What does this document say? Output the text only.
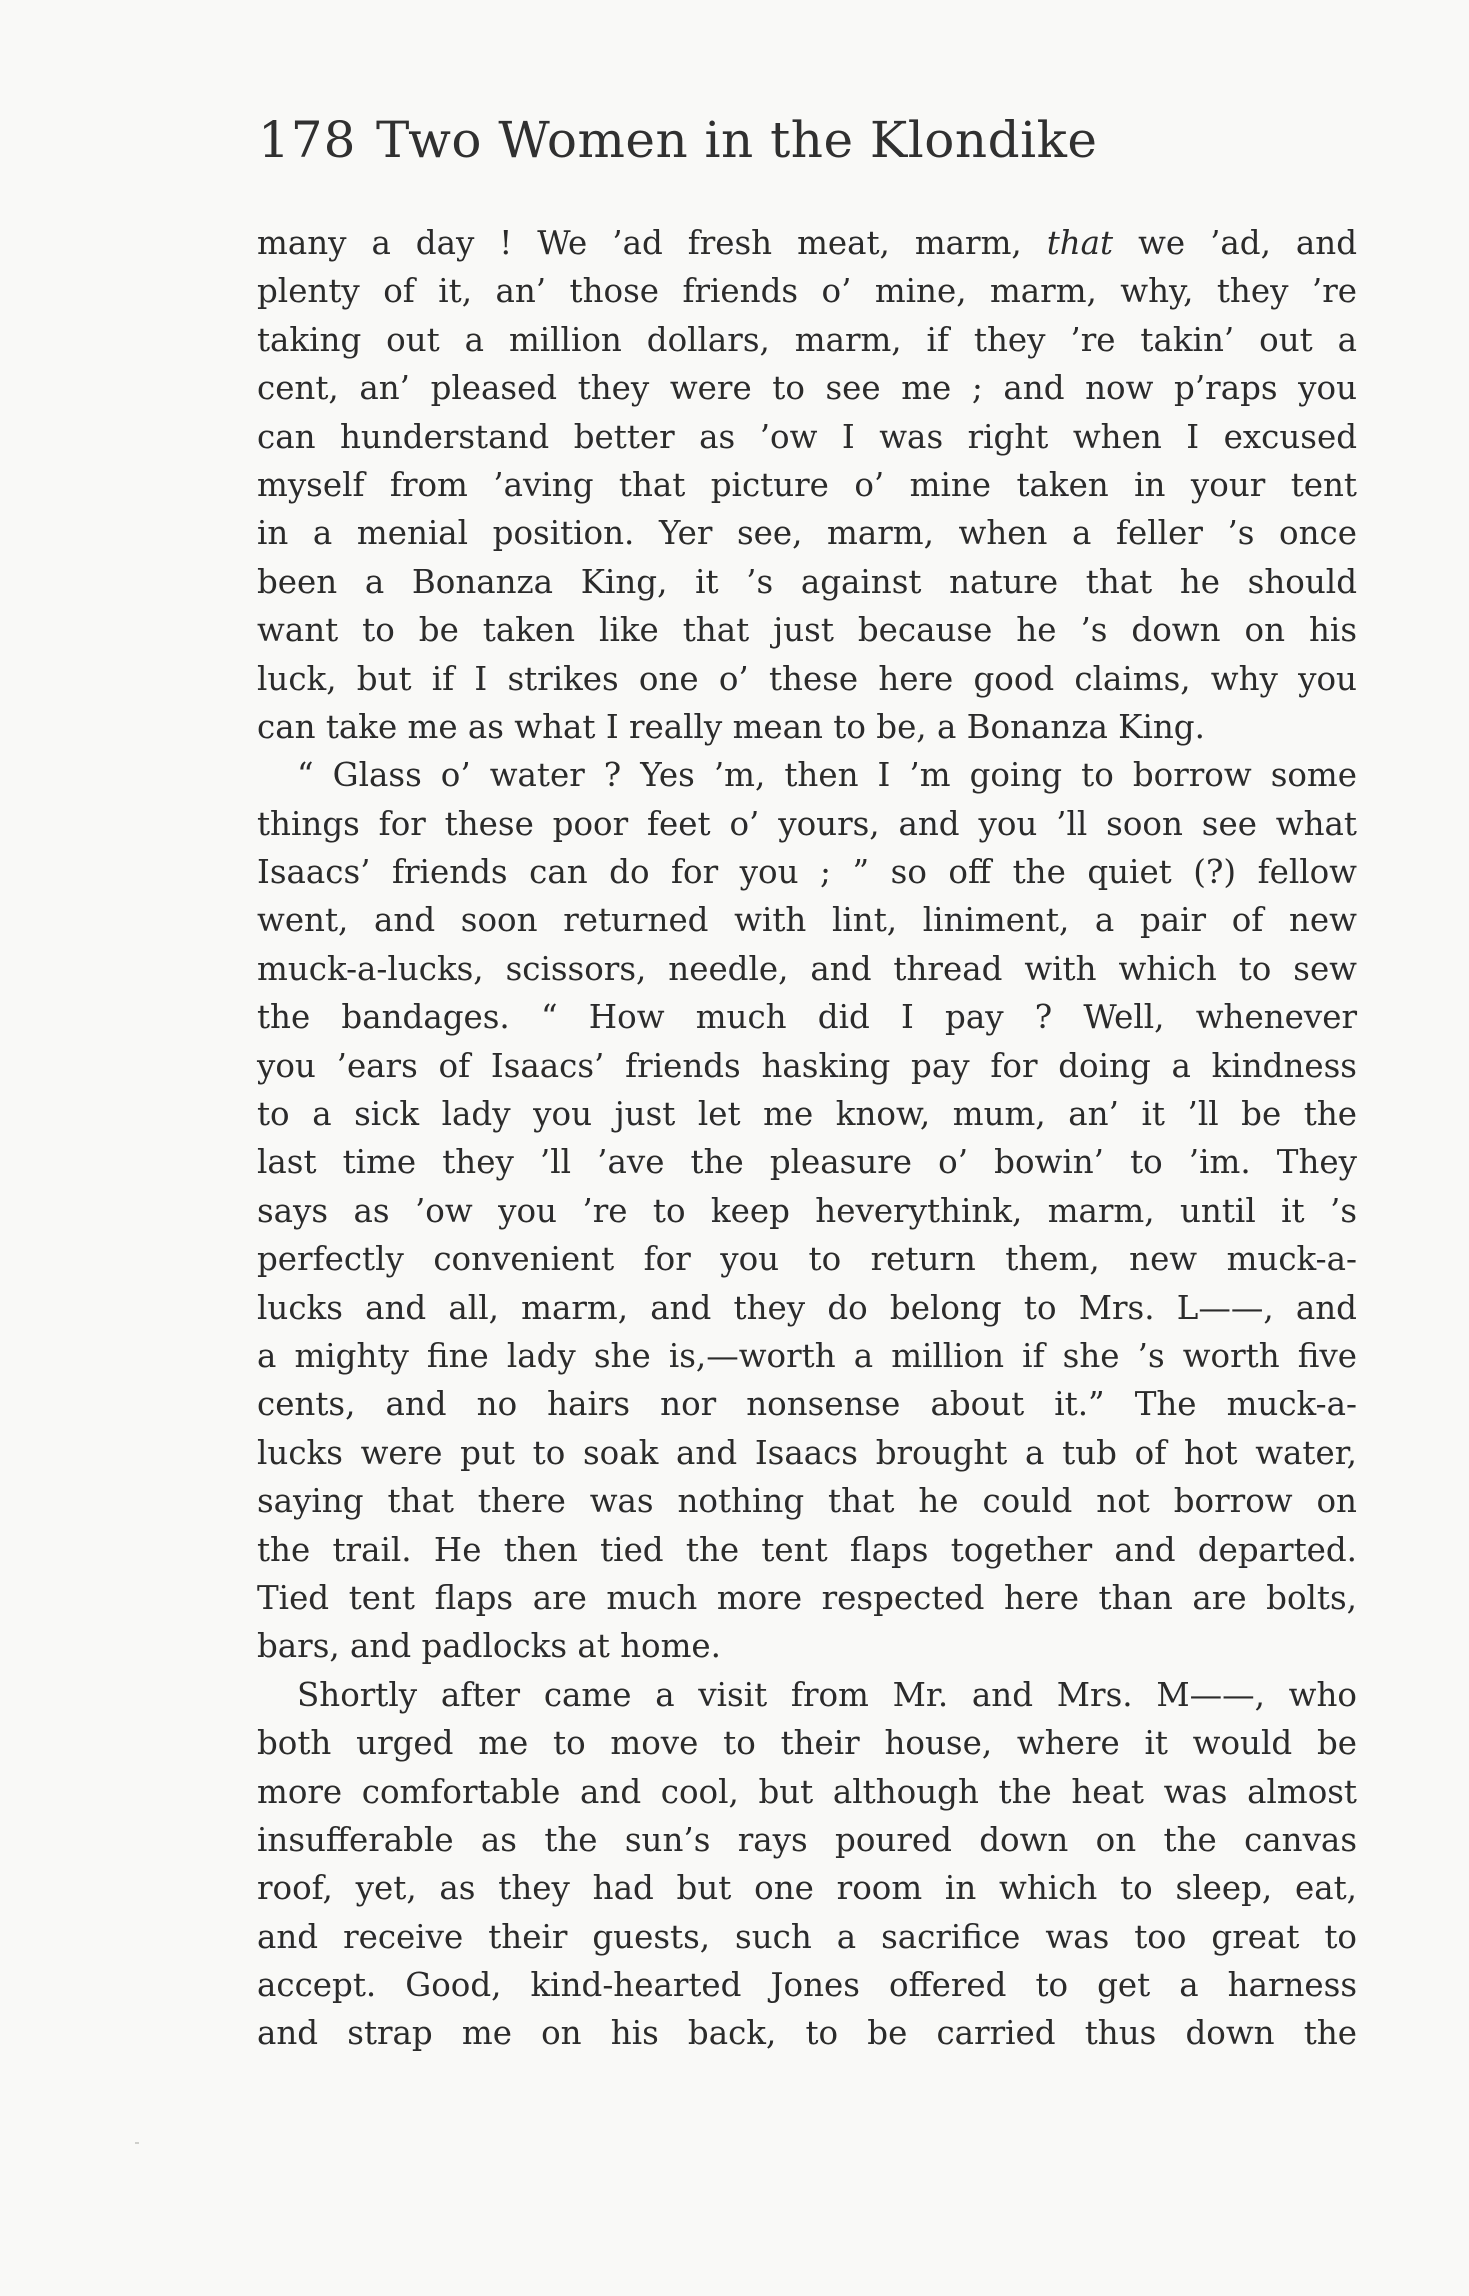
178 Two Women in the Klondike
many a day ! We ’ad fresh meat, marm, that we ’ad, and
plenty of it, an’ those friends o’ mine, marm, why, they ’re
taking out a million dollars, marm, if they ’re takin’ out a
cent, an’ pleased they were to see me ; and now p’raps you
can hunderstand better as ’ow I was right when I excused
myself from ’aving that picture o’ mine taken in your tent
in a menial position. Yer see, marm, when a feller ’s once
been a Bonanza King, it ’s against nature that he should
want to be taken like that just because he ’s down on his
luck, but if I strikes one o’ these here good claims, why you
can take me as what I really mean to be, a Bonanza King.
“ Glass o’ water ? Yes ’m, then I ’m going to borrow some
things for these poor feet o’ yours, and you ’ll soon see what
Isaacs’ friends can do for you ; ” so off the quiet (?) fellow
went, and soon returned with lint, liniment, a pair of new
muck-a-lucks, scissors, needle, and thread with which to sew
the bandages. “ How much did I pay ? Well, whenever
you ’ears of Isaacs’ friends hasking pay for doing a kindness
to a sick lady you just let me know, mum, an’ it ’ll be the
last time they ’ll ’ave the pleasure o’ bowin’ to ’im. They
says as ’ow you ’re to keep heverythink, marm, until it ’s
perfectly convenient for you to return them, new muck-a-
lucks and all, marm, and they do belong to Mrs. L——, and
a mighty fine lady she is,—worth a million if she ’s worth five
cents, and no hairs nor nonsense about it.” The muck-a-
lucks were put to soak and Isaacs brought a tub of hot water,
saying that there was nothing that he could not borrow on
the trail. He then tied the tent flaps together and departed.
Tied tent flaps are much more respected here than are bolts,
bars, and padlocks at home.
Shortly after came a visit from Mr. and Mrs. M——, who
both urged me to move to their house, where it would be
more comfortable and cool, but although the heat was almost
insufferable as the sun’s rays poured down on the canvas
roof, yet, as they had but one room in which to sleep, eat,
and receive their guests, such a sacrifice was too great to
accept. Good, kind-hearted Jones offered to get a harness
and strap me on his back, to be carried thus down the
